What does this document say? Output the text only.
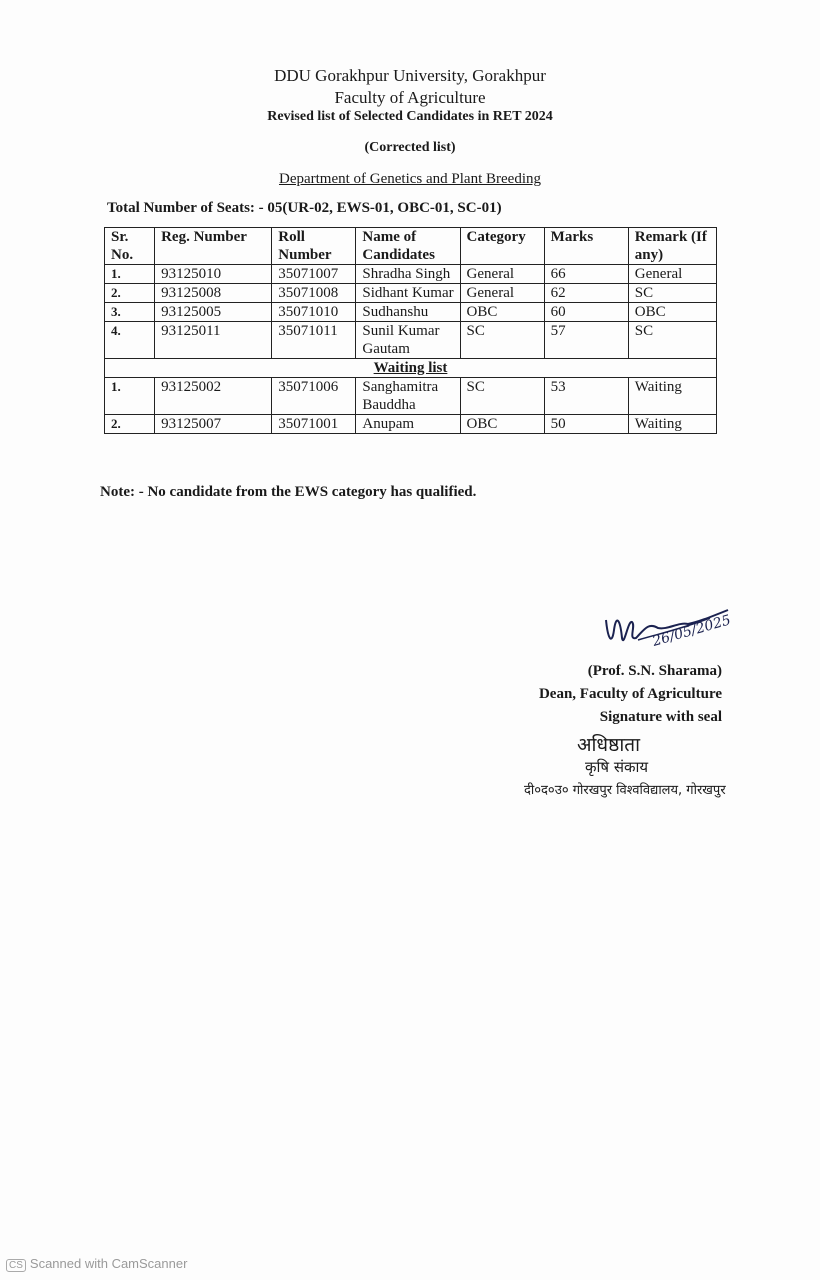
DDU Gorakhpur University, Gorakhpur
Faculty of Agriculture
Revised list of Selected Candidates in RET 2024
(Corrected list)
Department of Genetics and Plant Breeding
Total Number of Seats: - 05(UR-02, EWS-01, OBC-01, SC-01)
Sr. No.	Reg. Number	Roll Number	Name of Candidates	Category	Marks	Remark (If any)
1.	93125010	35071007	Shradha Singh	General	66	General
2.	93125008	35071008	Sidhant Kumar	General	62	SC
3.	93125005	35071010	Sudhanshu	OBC	60	OBC
4.	93125011	35071011	Sunil Kumar Gautam	SC	57	SC
Waiting list						
1.	93125002	35071006	Sanghamitra Bauddha	SC	53	Waiting
2.	93125007	35071001	Anupam	OBC	50	Waiting
Note: - No candidate from the EWS category has qualified.
26/05/2025
(Prof. S.N. Sharama)
Dean, Faculty of Agriculture
Signature with seal
अधिष्ठाता
कृषि संकाय
दी०द०उ० गोरखपुर विश्वविद्यालय, गोरखपुर
CS Scanned with CamScanner
